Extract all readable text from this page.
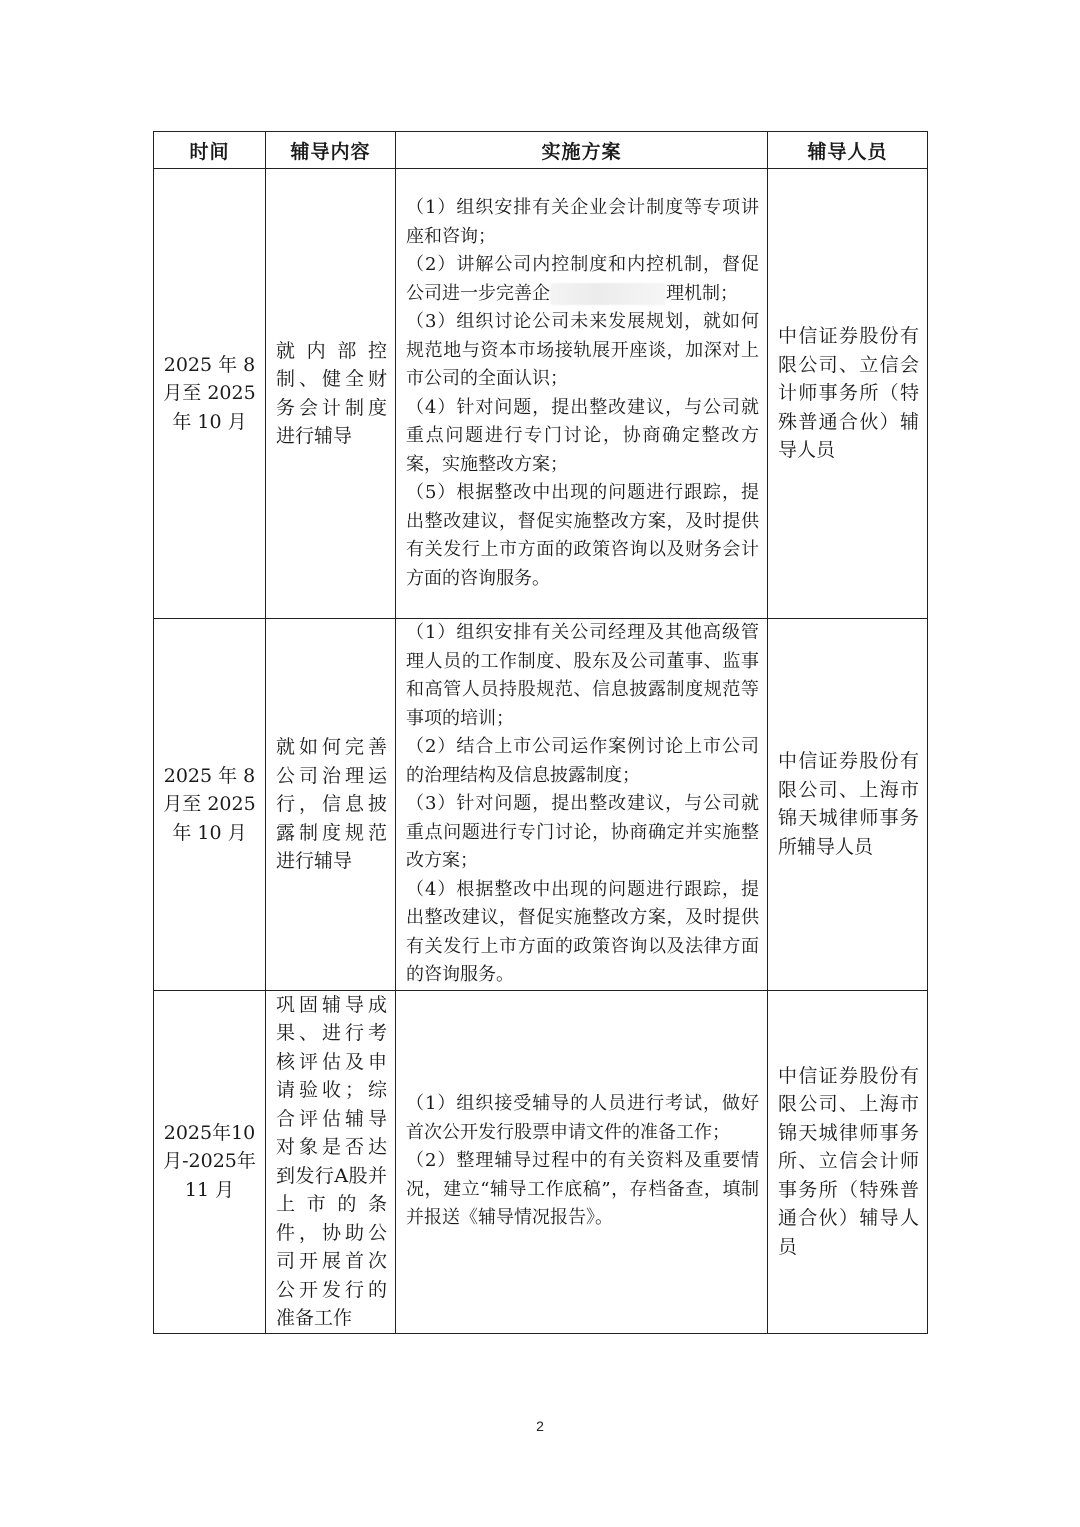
时间	辅导内容	实施方案	辅导人员

2025 年 8 月至 2025 年 10 月	就内部控制、健全财务会计制度进行辅导	（1）组织安排有关企业会计制度等专项讲座和咨询；
（2）讲解公司内控制度和内控机制，督促公司进一步完善企 理机制；
（3）组织讨论公司未来发展规划，就如何规范地与资本市场接轨展开座谈，加深对上市公司的全面认识；
（4）针对问题，提出整改建议，与公司就重点问题进行专门讨论，协商确定整改方案，实施整改方案；
（5）根据整改中出现的问题进行跟踪，提出整改建议，督促实施整改方案，及时提供有关发行上市方面的政策咨询以及财务会计方面的咨询服务。	中信证券股份有限公司、立信会计师事务所（特殊普通合伙）辅导人员

2025 年 8 月至 2025 年 10 月	就如何完善公司治理运行，信息披露制度规范进行辅导	（1）组织安排有关公司经理及其他高级管理人员的工作制度、股东及公司董事、监事和高管人员持股规范、信息披露制度规范等事项的培训；
（2）结合上市公司运作案例讨论上市公司的治理结构及信息披露制度；
（3）针对问题，提出整改建议，与公司就重点问题进行专门讨论，协商确定并实施整改方案；
（4）根据整改中出现的问题进行跟踪，提出整改建议，督促实施整改方案，及时提供有关发行上市方面的政策咨询以及法律方面的咨询服务。	中信证券股份有限公司、上海市锦天城律师事务所辅导人员

2025年10月-2025年 11 月	巩固辅导成果、进行考核评估及申请验收；综合评估辅导对象是否达到发行A股并上市的条件，协助公司开展首次公开发行的准备工作	（1）组织接受辅导的人员进行考试，做好首次公开发行股票申请文件的准备工作；
（2）整理辅导过程中的有关资料及重要情况，建立“辅导工作底稿”，存档备查，填制并报送《辅导情况报告》。	中信证券股份有限公司、上海市锦天城律师事务所、立信会计师事务所（特殊普通合伙）辅导人员
2
